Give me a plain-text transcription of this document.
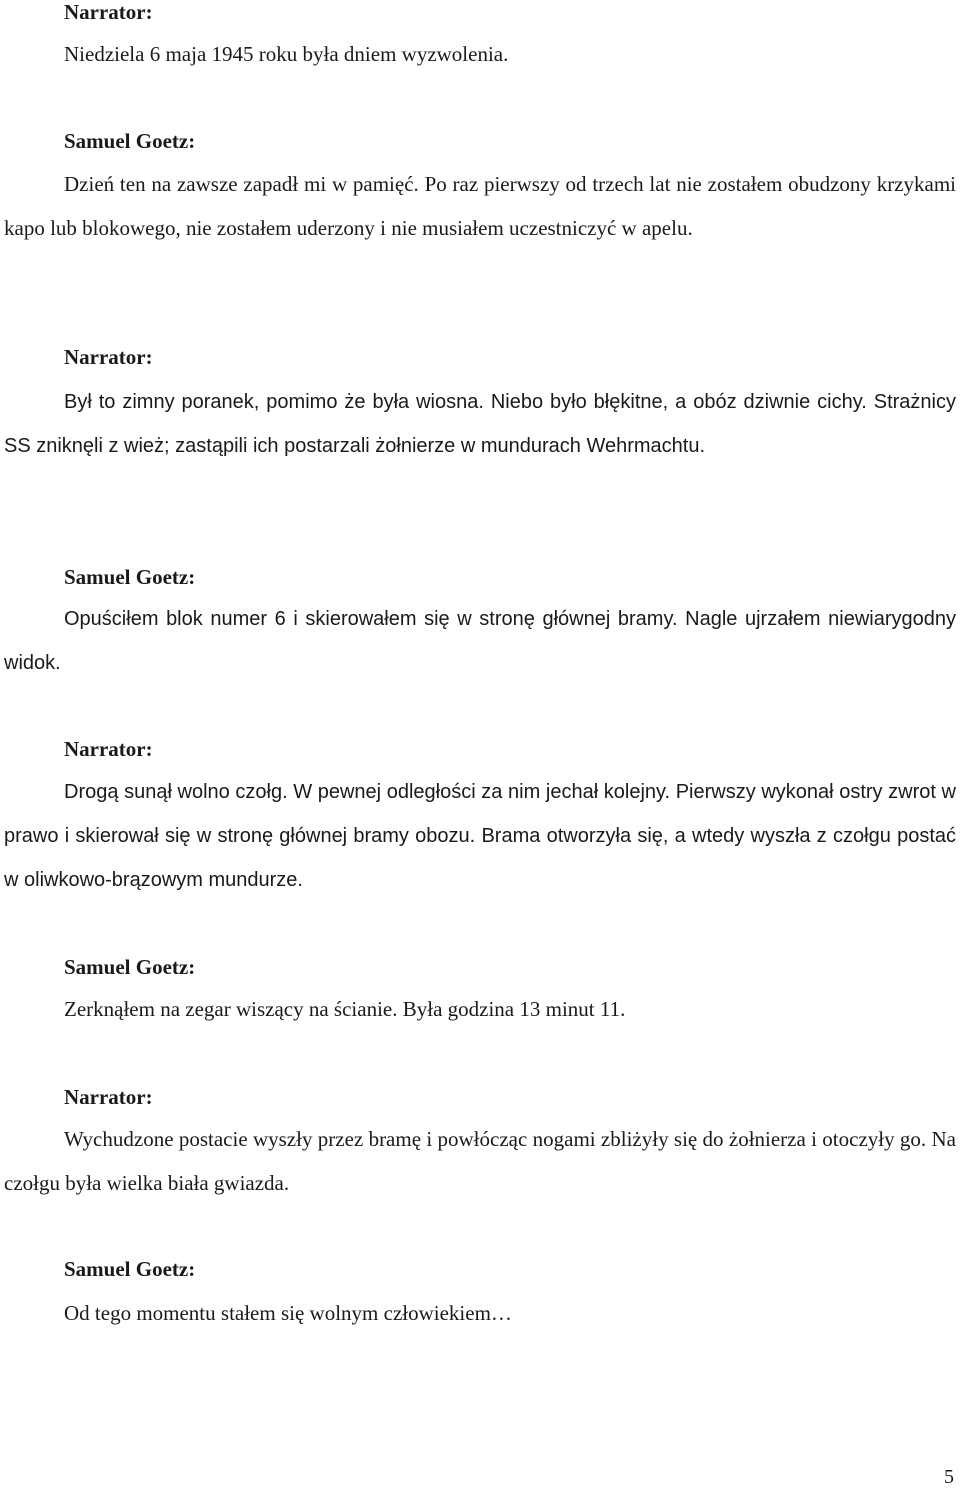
Narrator:
Niedziela 6 maja 1945 roku była dniem wyzwolenia.
Samuel Goetz:
Dzień ten na zawsze zapadł mi w pamięć. Po raz pierwszy od trzech lat nie zostałem obudzony krzykami kapo lub blokowego, nie zostałem uderzony i nie musiałem uczestniczyć w apelu.
Narrator:
Był to zimny poranek, pomimo że była wiosna. Niebo było błękitne, a obóz dziwnie cichy. Strażnicy SS zniknęli z wież; zastąpili ich postarzali żołnierze w mundurach Wehrmachtu.
Samuel Goetz:
Opuściłem blok numer 6 i skierowałem się w stronę głównej bramy. Nagle ujrzałem niewiarygodny widok.
Narrator:
Drogą sunął wolno czołg. W pewnej odległości za nim jechał kolejny. Pierwszy wykonał ostry zwrot w prawo i skierował się w stronę głównej bramy obozu. Brama otworzyła się, a wtedy wyszła z czołgu postać w oliwkowo-brązowym mundurze.
Samuel Goetz:
Zerknąłem na zegar wiszący na ścianie. Była godzina 13 minut 11.
Narrator:
Wychudzone postacie wyszły przez bramę i powłócząc nogami zbliżyły się do żołnierza i otoczyły go. Na czołgu była wielka biała gwiazda.
Samuel Goetz:
Od tego momentu stałem się wolnym człowiekiem…
5
